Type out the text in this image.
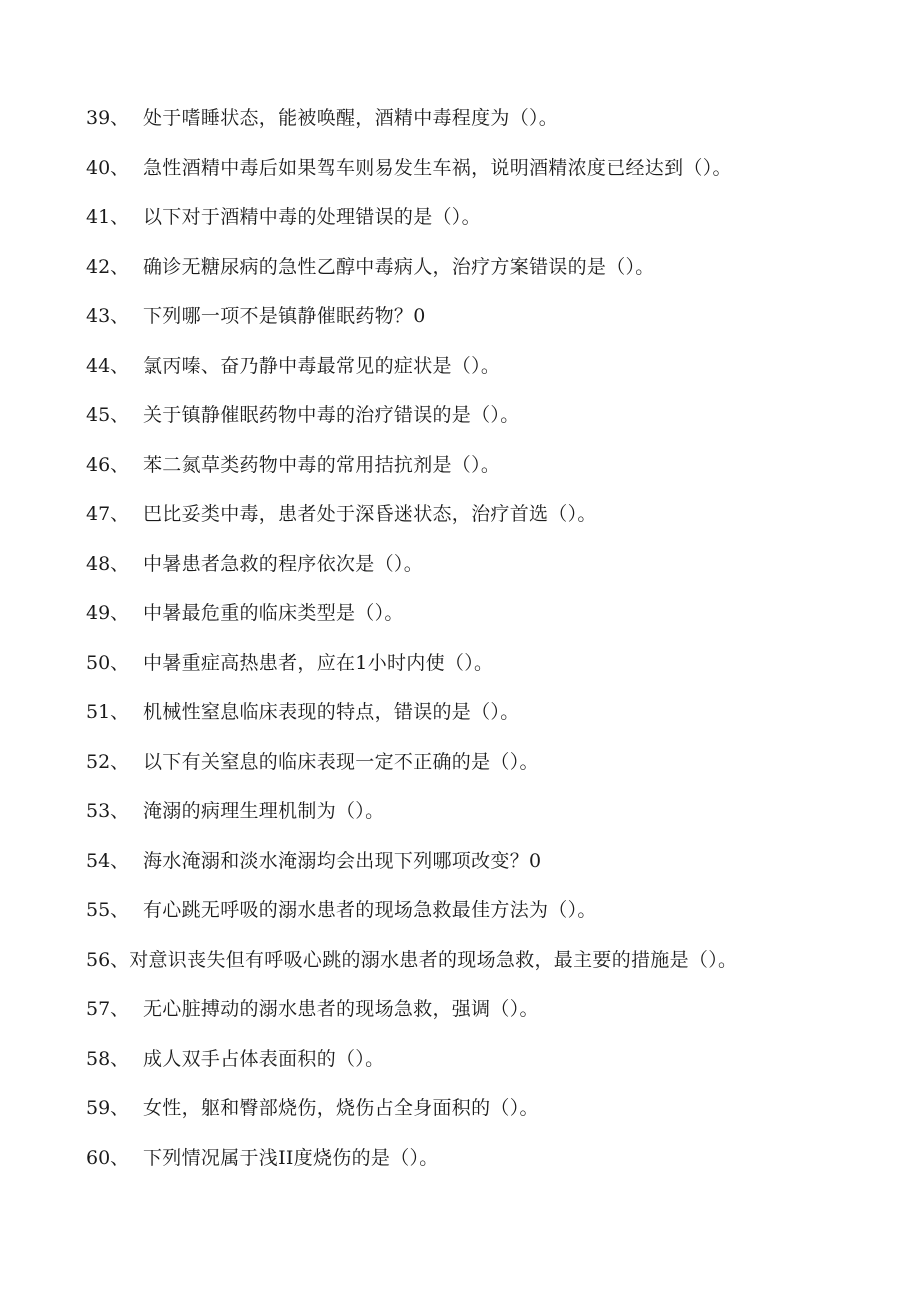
39、 处于嗜睡状态，能被唤醒，酒精中毒程度为（）。
40、 急性酒精中毒后如果驾车则易发生车祸，说明酒精浓度已经达到（）。
41、 以下对于酒精中毒的处理错误的是（）。
42、 确诊无糖尿病的急性乙醇中毒病人，治疗方案错误的是（）。
43、 下列哪一项不是镇静催眠药物？0
44、 氯丙嗪、奋乃静中毒最常见的症状是（）。
45、 关于镇静催眠药物中毒的治疗错误的是（）。
46、 苯二氮草类药物中毒的常用拮抗剂是（）。
47、 巴比妥类中毒，患者处于深昏迷状态，治疗首选（）。
48、 中暑患者急救的程序依次是（）。
49、 中暑最危重的临床类型是（）。
50、 中暑重症高热患者，应在1小时内使（）。
51、 机械性窒息临床表现的特点，错误的是（）。
52、 以下有关窒息的临床表现一定不正确的是（）。
53、 淹溺的病理生理机制为（）。
54、 海水淹溺和淡水淹溺均会出现下列哪项改变？0
55、 有心跳无呼吸的溺水患者的现场急救最佳方法为（）。
56、 对意识丧失但有呼吸心跳的溺水患者的现场急救，最主要的措施是（）。
57、 无心脏搏动的溺水患者的现场急救，强调（）。
58、 成人双手占体表面积的（）。
59、 女性，躯和臀部烧伤，烧伤占全身面积的（）。
60、 下列情况属于浅II度烧伤的是（）。
